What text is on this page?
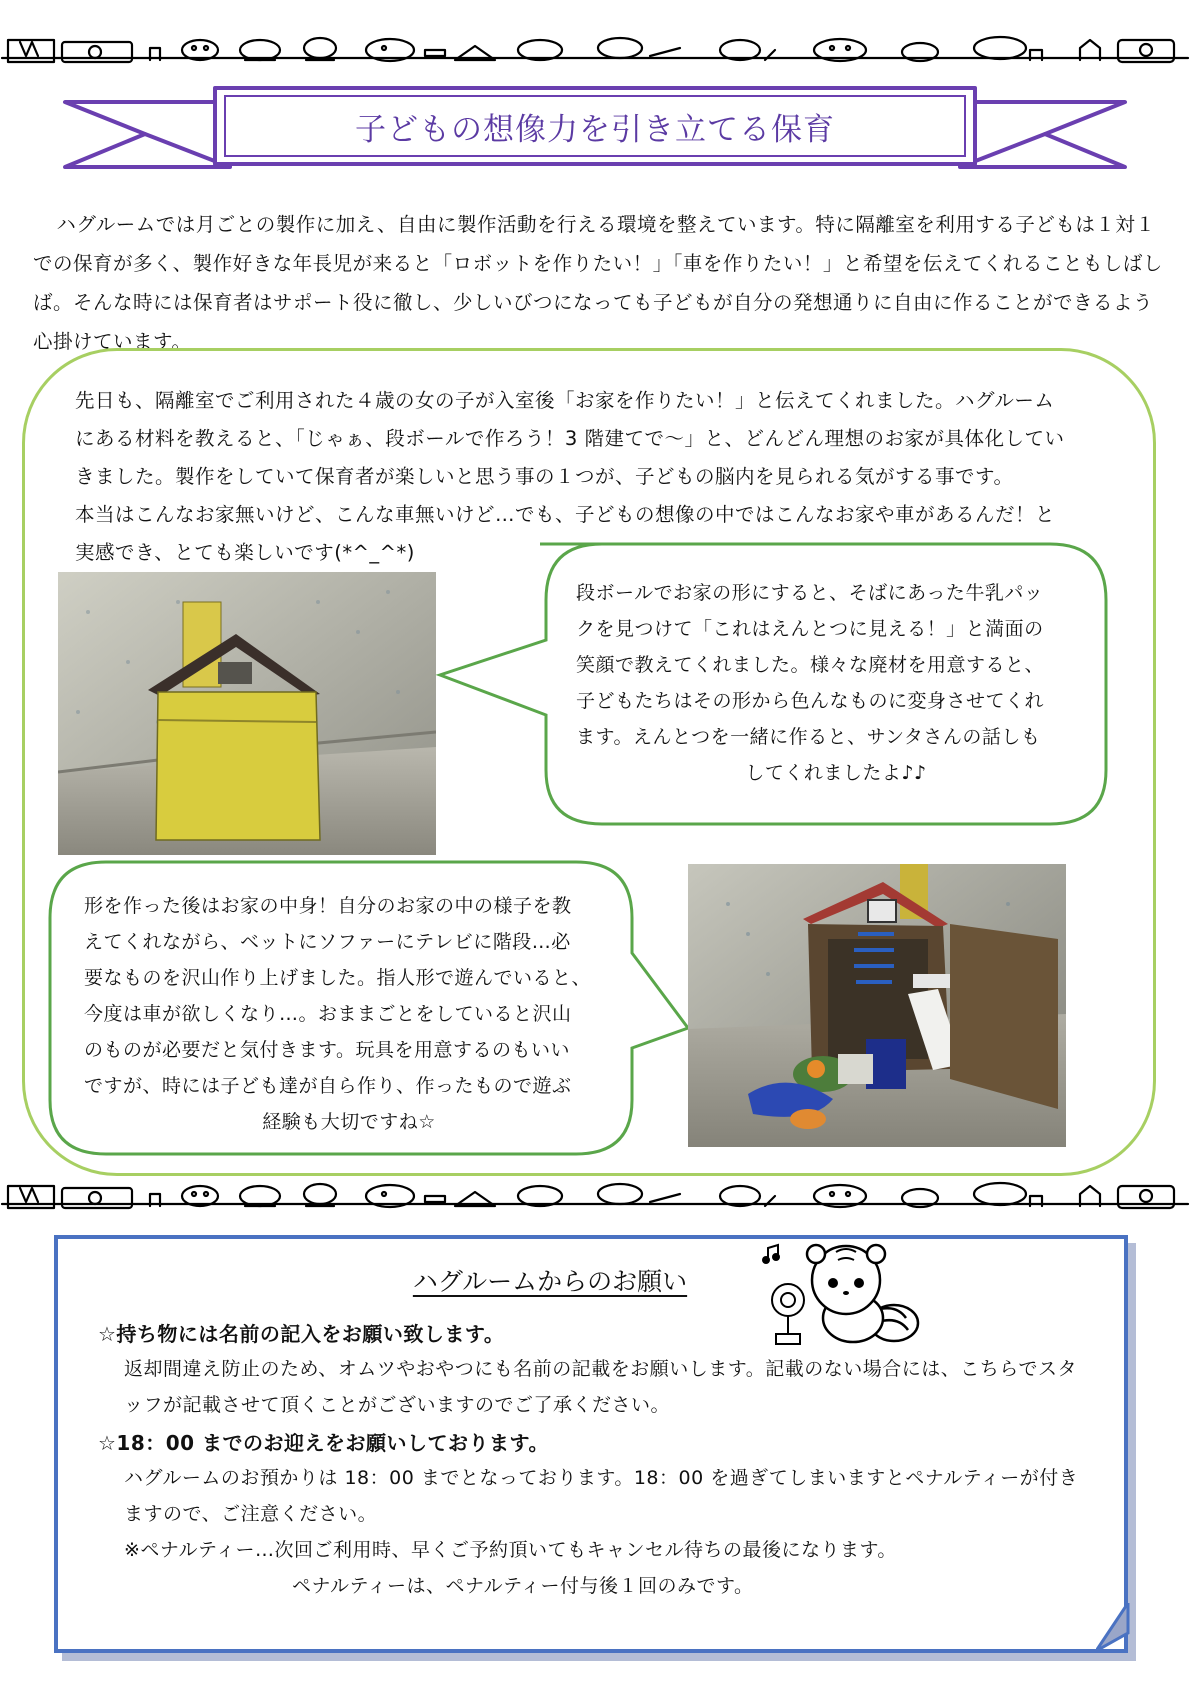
子どもの想像力を引き立てる保育
ハグルームでは月ごとの製作に加え、自由に製作活動を行える環境を整えています。特に隔離室を利用する子どもは１対１での保育が多く、製作好きな年長児が来ると「ロボットを作りたい！」「車を作りたい！」と希望を伝えてくれることもしばしば。そんな時には保育者はサポート役に徹し、少しいびつになっても子どもが自分の発想通りに自由に作ることができるよう心掛けています。
先日も、隔離室でご利用された４歳の女の子が入室後「お家を作りたい！」と伝えてくれました。ハグルーム
にある材料を教えると、「じゃぁ、段ボールで作ろう！3 階建てで～」と、どんどん理想のお家が具体化してい
きました。製作をしていて保育者が楽しいと思う事の１つが、子どもの脳内を見られる気がする事です。
本当はこんなお家無いけど、こんな車無いけど…でも、子どもの想像の中ではこんなお家や車があるんだ！と
実感でき、とても楽しいです(*^_^*)
段ボールでお家の形にすると、そばにあった牛乳パッ
クを見つけて「これはえんとつに見える！」と満面の
笑顔で教えてくれました。様々な廃材を用意すると、
子どもたちはその形から色んなものに変身させてくれ
ます。えんとつを一緒に作ると、サンタさんの話しも
してくれましたよ♪♪
形を作った後はお家の中身！自分のお家の中の様子を教
えてくれながら、ベットにソファーにテレビに階段…必
要なものを沢山作り上げました。指人形で遊んでいると、
今度は車が欲しくなり…。おままごとをしていると沢山
のものが必要だと気付きます。玩具を用意するのもいい
ですが、時には子ども達が自ら作り、作ったもので遊ぶ
経験も大切ですね☆
ハグルームからのお願い
☆持ち物には名前の記入をお願い致します。
返却間違え防止のため、オムツやおやつにも名前の記載をお願いします。記載のない場合には、こちらでスタッフが記載させて頂くことがございますのでご了承ください。
☆18：00 までのお迎えをお願いしております。
ハグルームのお預かりは 18：00 までとなっております。18：00 を過ぎてしまいますとペナルティーが付きますので、ご注意ください。
※ペナルティー…次回ご利用時、早くご予約頂いてもキャンセル待ちの最後になります。
ペナルティーは、ペナルティー付与後１回のみです。
